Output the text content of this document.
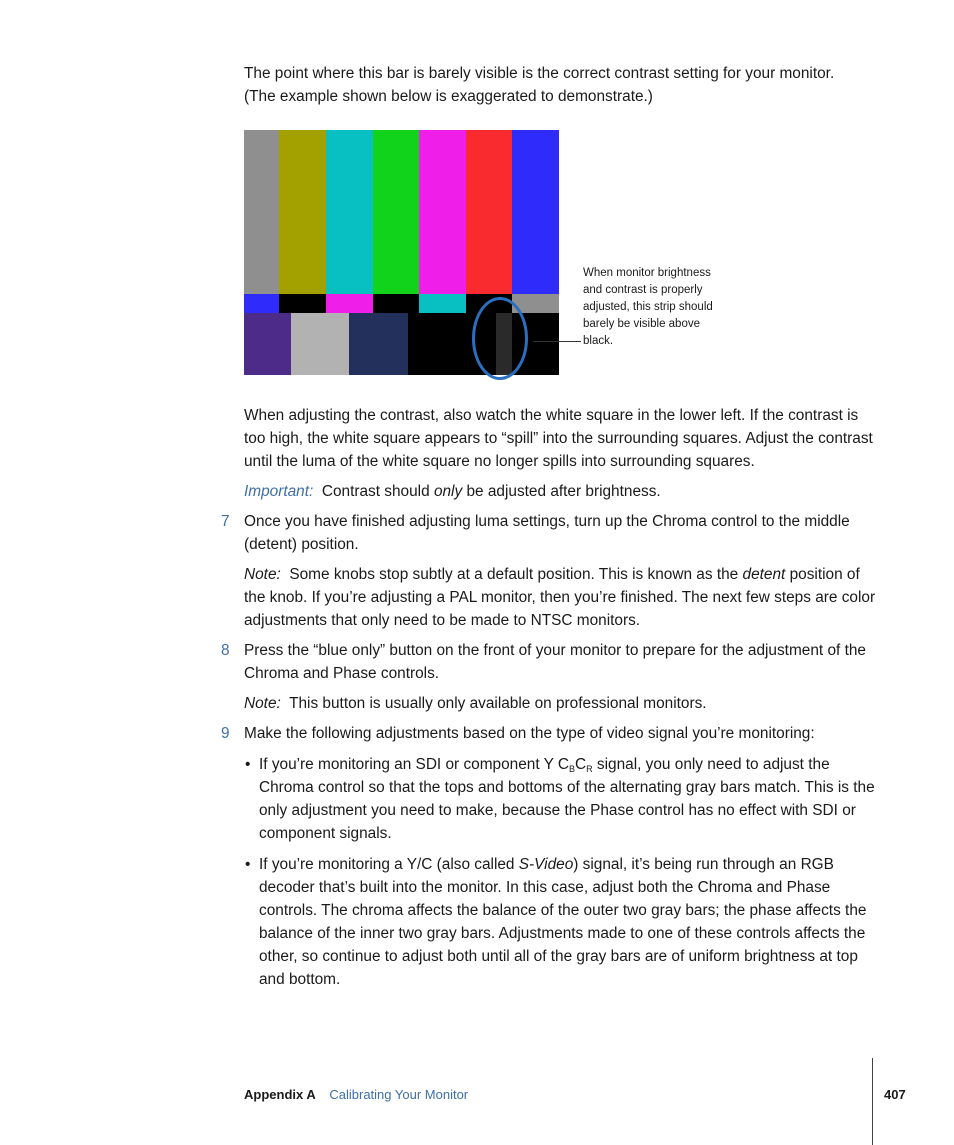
The point where this bar is barely visible is the correct contrast setting for your monitor.
(The example shown below is exaggerated to demonstrate.)

When monitor brightness and contrast is properly adjusted, this strip should barely be visible above black.

When adjusting the contrast, also watch the white square in the lower left. If the contrast is too high, the white square appears to “spill” into the surrounding squares. Adjust the contrast until the luma of the white square no longer spills into surrounding squares.

Important: Contrast should only be adjusted after brightness.

7 Once you have finished adjusting luma settings, turn up the Chroma control to the middle (detent) position.

Note: Some knobs stop subtly at a default position. This is known as the detent position of the knob. If you’re adjusting a PAL monitor, then you’re finished. The next few steps are color adjustments that only need to be made to NTSC monitors.

8 Press the “blue only” button on the front of your monitor to prepare for the adjustment of the Chroma and Phase controls.

Note: This button is usually only available on professional monitors.

9 Make the following adjustments based on the type of video signal you’re monitoring:

• If you’re monitoring an SDI or component Y $C_BC_R$ signal, you only need to adjust the Chroma control so that the tops and bottoms of the alternating gray bars match. This is the only adjustment you need to make, because the Phase control has no effect with SDI or component signals.

• If you’re monitoring a Y/C (also called S-Video) signal, it’s being run through an RGB decoder that’s built into the monitor. In this case, adjust both the Chroma and Phase controls. The chroma affects the balance of the outer two gray bars; the phase affects the balance of the inner two gray bars. Adjustments made to one of these controls affects the other, so continue to adjust both until all of the gray bars are of uniform brightness at top and bottom.

Appendix A Calibrating Your Monitor	407
